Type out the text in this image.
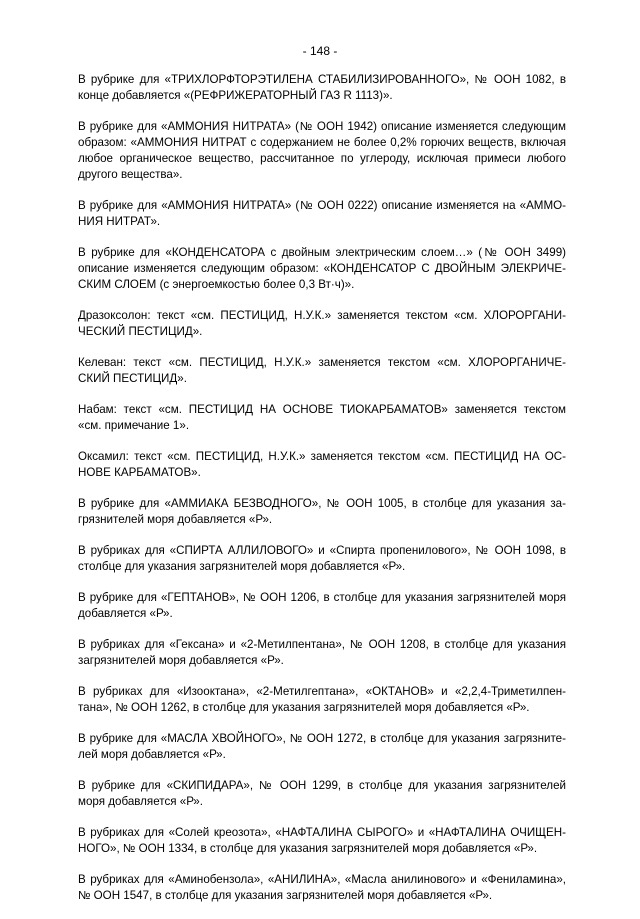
- 148 -

В рубрике для «ТРИХЛОРФТОРЭТИЛЕНА СТАБИЛИЗИРОВАННОГО», № ООН 1082, в
конце добавляется «(РЕФРИЖЕРАТОРНЫЙ ГАЗ R 1113)».

В рубрике для «АММОНИЯ НИТРАТА» (№ ООН 1942) описание изменяется следующим
образом: «АММОНИЯ НИТРАТ с содержанием не более 0,2% горючих веществ, включая
любое органическое вещество, рассчитанное по углероду, исключая примеси любого
другого вещества».

В рубрике для «АММОНИЯ НИТРАТА» (№ ООН 0222) описание изменяется на «АММО-
НИЯ НИТРАТ».

В рубрике для «КОНДЕНСАТОРА с двойным электрическим слоем…» (№ ООН 3499)
описание изменяется следующим образом: «КОНДЕНСАТОР С ДВОЙНЫМ ЭЛЕКРИЧЕ-
СКИМ СЛОЕМ (с энергоемкостью более 0,3 Вт·ч)».

Дразоксолон: текст «см. ПЕСТИЦИД, Н.У.К.» заменяется текстом «см. ХЛОРОРГАНИ-
ЧЕСКИЙ ПЕСТИЦИД».

Келеван: текст «см. ПЕСТИЦИД, Н.У.К.» заменяется текстом «см. ХЛОРОРГАНИЧЕ-
СКИЙ ПЕСТИЦИД».

Набам: текст «см. ПЕСТИЦИД НА ОСНОВЕ ТИОКАРБАМАТОВ» заменяется текстом
«см. примечание 1».

Оксамил: текст «см. ПЕСТИЦИД, Н.У.К.» заменяется текстом «см. ПЕСТИЦИД НА ОС-
НОВЕ КАРБАМАТОВ».

В рубрике для «АММИАКА БЕЗВОДНОГО», № ООН 1005, в столбце для указания за-
грязнителей моря добавляется «Р».

В рубриках для «СПИРТА АЛЛИЛОВОГО» и «Спирта пропенилового», № ООН 1098, в
столбце для указания загрязнителей моря добавляется «Р».

В рубрике для «ГЕПТАНОВ», № ООН 1206, в столбце для указания загрязнителей моря
добавляется «Р».

В рубриках для «Гексана» и «2-Метилпентана», № ООН 1208, в столбце для указания
загрязнителей моря добавляется «Р».

В рубриках для «Изооктана», «2-Метилгептана», «ОКТАНОВ» и «2,2,4-Триметилпен-
тана», № ООН 1262, в столбце для указания загрязнителей моря добавляется «Р».

В рубрике для «МАСЛА ХВОЙНОГО», № ООН 1272, в столбце для указания загрязните-
лей моря добавляется «Р».

В рубрике для «СКИПИДАРА», № ООН 1299, в столбце для указания загрязнителей
моря добавляется «Р».

В рубриках для «Солей креозота», «НАФТАЛИНА СЫРОГО» и «НАФТАЛИНА ОЧИЩЕН-
НОГО», № ООН 1334, в столбце для указания загрязнителей моря добавляется «Р».

В рубриках для «Аминобензола», «АНИЛИНА», «Масла анилинового» и «Фениламина»,
№ ООН 1547, в столбце для указания загрязнителей моря добавляется «Р».
